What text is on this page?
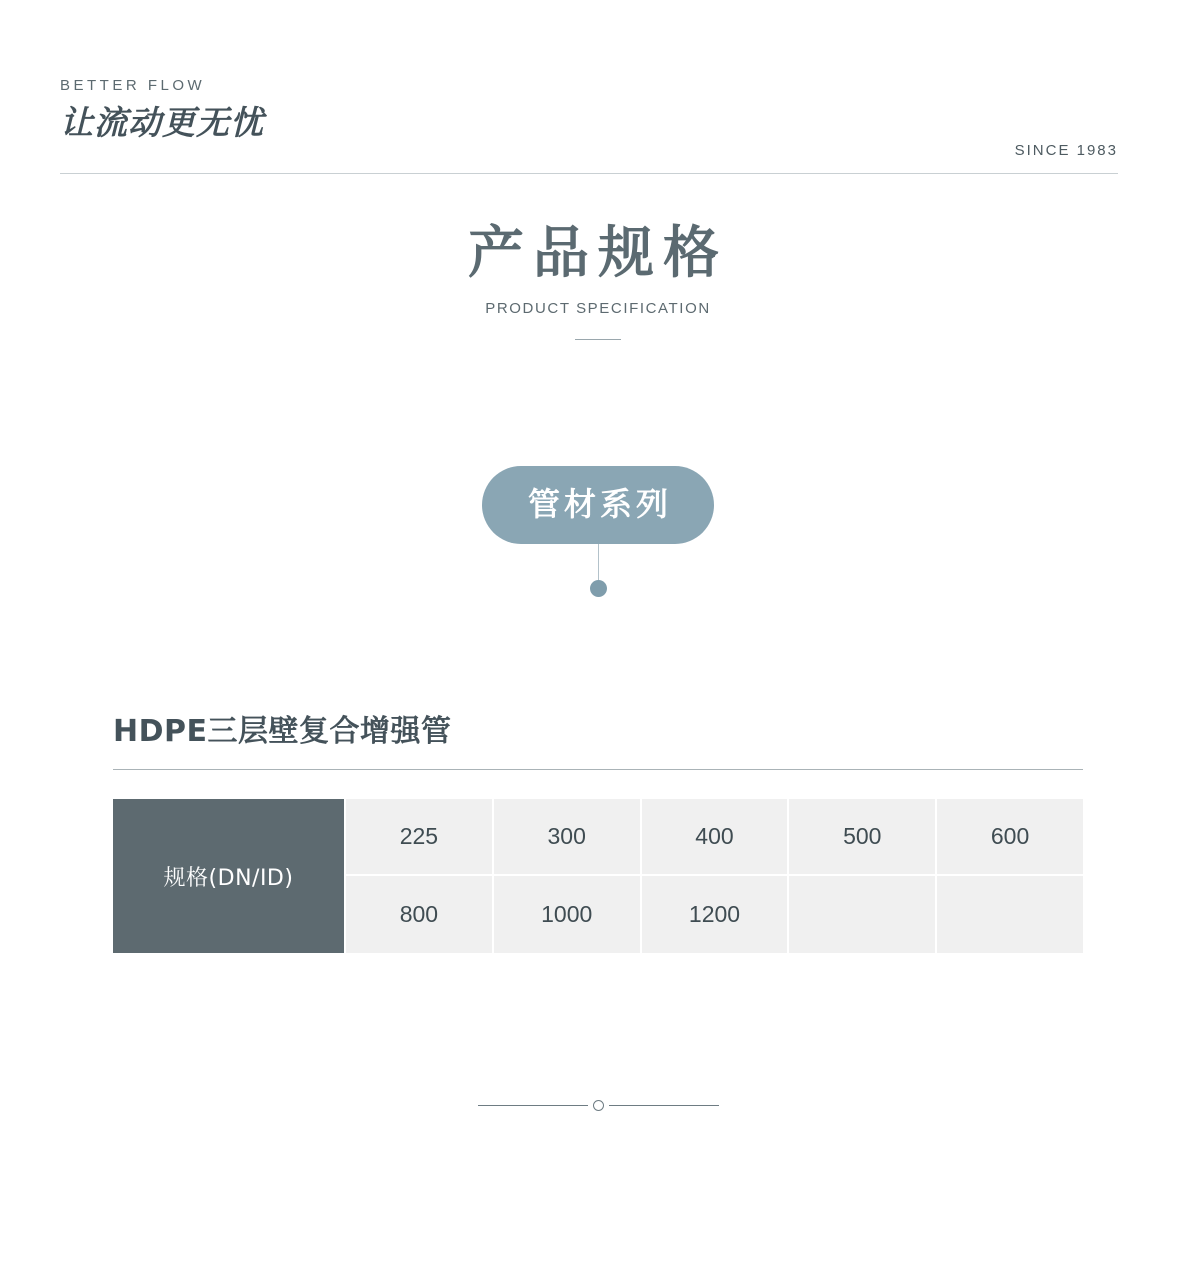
BETTER FLOW

让流动更无忧

SINCE 1983
产品规格

PRODUCT SPECIFICATION

管材系列
HDPE三层壁复合增强管
规格(DN/ID)
225	300	400	500	600
800	1000	1200
